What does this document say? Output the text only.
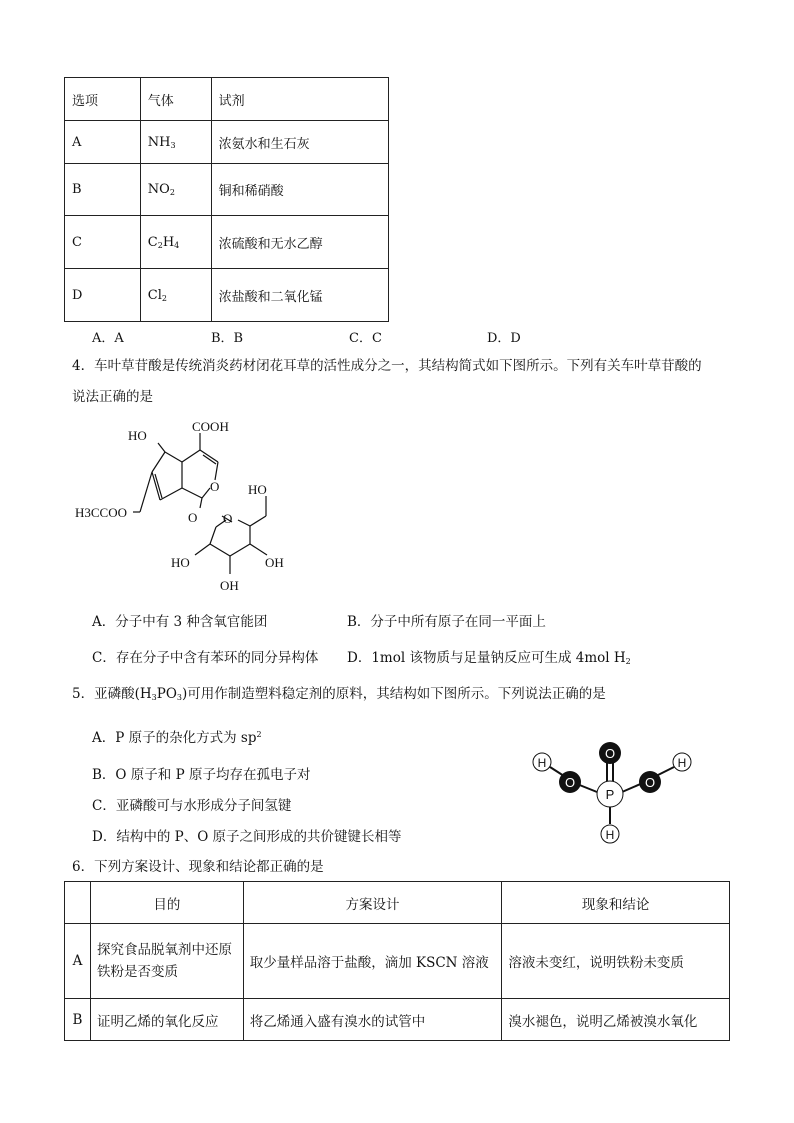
选项	气体	试剂
A	$NH_3$	浓氨水和生石灰
B	$NO_2$	铜和稀硝酸
C	$C_2H_4$	浓硫酸和无水乙醇
D	$Cl_2$	浓盐酸和二氧化锰
A．A	B．B	C．C	D．D
4．车叶草苷酸是传统消炎药材闭花耳草的活性成分之一，其结构简式如下图所示。下列有关车叶草苷酸的
说法正确的是
COOH
HO
O
H3CCOO	O O
HO
HO
OH
OH
A．分子中有 3 种含氧官能团	B．分子中所有原子在同一平面上
C．存在分子中含有苯环的同分异构体 D．1mol 该物质与足量钠反应可生成 4mol $H_2$
5．亚磷酸$(H_3PO_3)$可用作制造塑料稳定剂的原料，其结构如下图所示。下列说法正确的是
A．P 原子的杂化方式为 $sp^2$
B．O 原子和 P 原子均存在孤电子对
C．亚磷酸可与水形成分子间氢键
D．结构中的 P、O 原子之间形成的共价键键长相等
O
O	O
P
H	H
H
6．下列方案设计、现象和结论都正确的是
	目的	方案设计	现象和结论
A	探究食品脱氧剂中还原铁粉是否变质	取少量样品溶于盐酸，滴加 KSCN 溶液	溶液未变红，说明铁粉未变质
B	证明乙烯的氧化反应	将乙烯通入盛有溴水的试管中	溴水褪色，说明乙烯被溴水氧化
